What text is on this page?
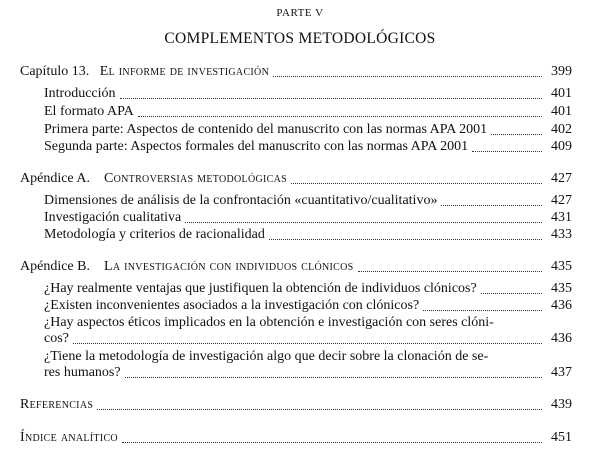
PARTE V
COMPLEMENTOS METODOLÓGICOS
Capítulo 13. El informe de investigación	399
Introducción	401
El formato APA	401
Primera parte: Aspectos de contenido del manuscrito con las normas APA 2001	402
Segunda parte: Aspectos formales del manuscrito con las normas APA 2001	409
Apéndice A. Controversias metodológicas	427
Dimensiones de análisis de la confrontación «cuantitativo/cualitativo»	427
Investigación cualitativa	431
Metodología y criterios de racionalidad	433
Apéndice B. La investigación con individuos clónicos	435
¿Hay realmente ventajas que justifiquen la obtención de individuos clónicos?	435
¿Existen inconvenientes asociados a la investigación con clónicos?	436
¿Hay aspectos éticos implicados en la obtención e investigación con seres clóni-
cos?	436
¿Tiene la metodología de investigación algo que decir sobre la clonación de se-
res humanos?	437
Referencias	439
Índice analítico	451
